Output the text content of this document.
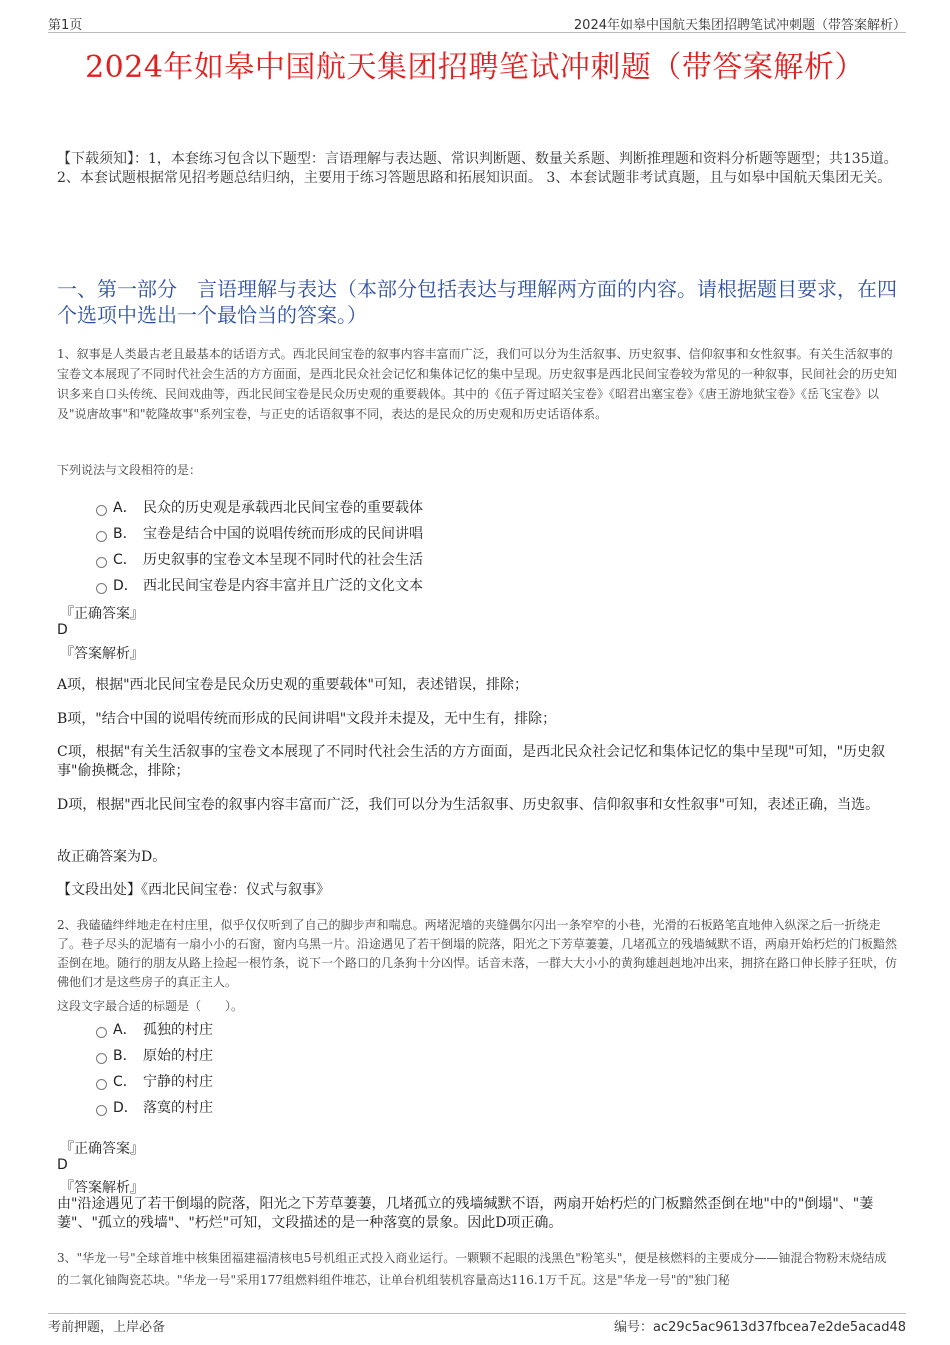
第1页	2024年如皋中国航天集团招聘笔试冲刺题（带答案解析）
2024年如皋中国航天集团招聘笔试冲刺题（带答案解析）
【下载须知】：1，本套练习包含以下题型：言语理解与表达题、常识判断题、数量关系题、判断推理题和资料分析题等题型；共135道。 2、本套试题根据常见招考题总结归纳，主要用于练习答题思路和拓展知识面。 3、本套试题非考试真题，且与如皋中国航天集团无关。
一、第一部分　言语理解与表达（本部分包括表达与理解两方面的内容。请根据题目要求，在四个选项中选出一个最恰当的答案。）
1、叙事是人类最古老且最基本的话语方式。西北民间宝卷的叙事内容丰富而广泛，我们可以分为生活叙事、历史叙事、信仰叙事和女性叙事。有关生活叙事的宝卷文本展现了不同时代社会生活的方方面面，是西北民众社会记忆和集体记忆的集中呈现。历史叙事是西北民间宝卷较为常见的一种叙事，民间社会的历史知识多来自口头传统、民间戏曲等，西北民间宝卷是民众历史观的重要载体。其中的《伍子胥过昭关宝卷》《昭君出塞宝卷》《唐王游地狱宝卷》《岳飞宝卷》以及"说唐故事"和"乾隆故事"系列宝卷，与正史的话语叙事不同，表达的是民众的历史观和历史话语体系。
下列说法与文段相符的是：
A． 民众的历史观是承载西北民间宝卷的重要载体
B． 宝卷是结合中国的说唱传统而形成的民间讲唱
C． 历史叙事的宝卷文本呈现不同时代的社会生活
D． 西北民间宝卷是内容丰富并且广泛的文化文本
『正确答案』
D
『答案解析』
A项，根据"西北民间宝卷是民众历史观的重要载体"可知，表述错误，排除；
B项，"结合中国的说唱传统而形成的民间讲唱"文段并未提及，无中生有，排除；
C项，根据"有关生活叙事的宝卷文本展现了不同时代社会生活的方方面面，是西北民众社会记忆和集体记忆的集中呈现"可知，"历史叙事"偷换概念，排除；
D项，根据"西北民间宝卷的叙事内容丰富而广泛，我们可以分为生活叙事、历史叙事、信仰叙事和女性叙事"可知，表述正确，当选。
故正确答案为D。
【文段出处】《西北民间宝卷：仪式与叙事》
2、我磕磕绊绊地走在村庄里，似乎仅仅听到了自己的脚步声和喘息。两堵泥墙的夹缝偶尔闪出一条窄窄的小巷，光滑的石板路笔直地伸入纵深之后一折绕走了。巷子尽头的泥墙有一扇小小的石窗，窗内乌黑一片。沿途遇见了若干倒塌的院落，阳光之下芳草萋萋，几堵孤立的残墙缄默不语，两扇开始朽烂的门板黯然歪倒在地。随行的朋友从路上捡起一根竹条，说下一个路口的几条狗十分凶悍。话音未落，一群大大小小的黄狗雄赳赳地冲出来，拥挤在路口伸长脖子狂吠，仿佛他们才是这些房子的真正主人。
这段文字最合适的标题是（　　）。
A． 孤独的村庄
B． 原始的村庄
C． 宁静的村庄
D． 落寞的村庄
『正确答案』
D
『答案解析』
由"沿途遇见了若干倒塌的院落，阳光之下芳草萋萋，几堵孤立的残墙缄默不语，两扇开始朽烂的门板黯然歪倒在地"中的"倒塌"、"萋萋"、"孤立的残墙"、"朽烂"可知，文段描述的是一种落寞的景象。因此D项正确。
3、"华龙一号"全球首堆中核集团福建福清核电5号机组正式投入商业运行。一颗颗不起眼的浅黑色"粉笔头"，便是核燃料的主要成分——铀混合物粉末烧结成的二氧化铀陶瓷芯块。"华龙一号"采用177组燃料组件堆芯，让单台机组装机容量高达116.1万千瓦。这是"华龙一号"的"独门秘
考前押题，上岸必备	编号：ac29c5ac9613d37fbcea7e2de5acad48
